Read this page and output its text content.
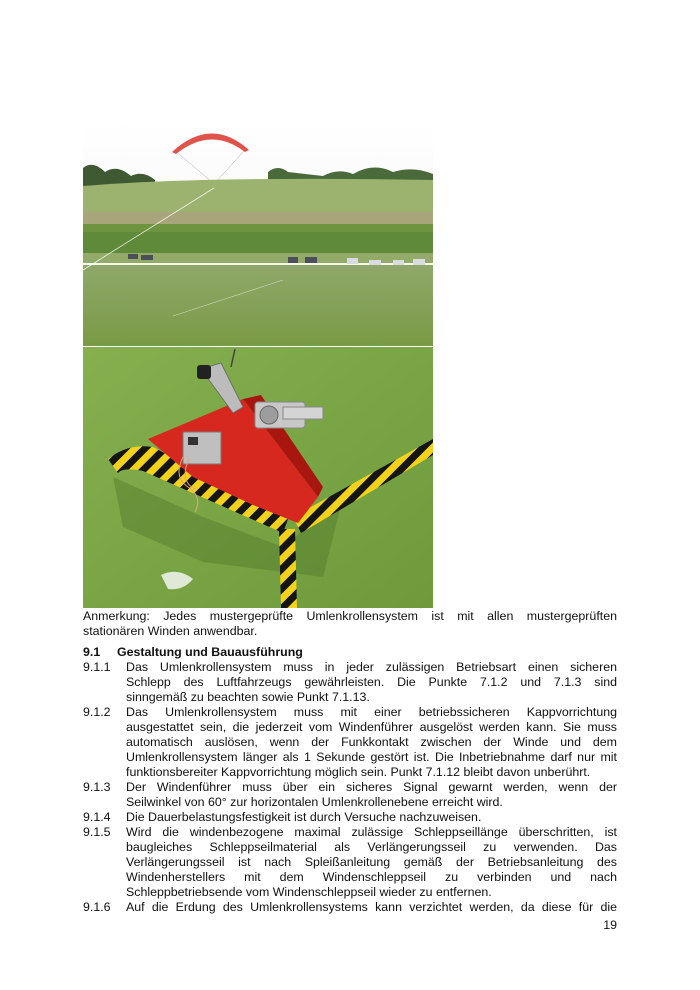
Anmerkung: Jedes mustergeprüfte Umlenkrollensystem ist mit allen mustergeprüften
stationären Winden anwendbar.

9.1	Gestaltung und Bauausführung
9.1.1	Das Umlenkrollensystem muss in jeder zulässigen Betriebsart einen sicheren
Schlepp des Luftfahrzeugs gewährleisten. Die Punkte 7.1.2 und 7.1.3 sind
sinngemäß zu beachten sowie Punkt 7.1.13.
9.1.2	Das Umlenkrollensystem muss mit einer betriebssicheren Kappvorrichtung
ausgestattet sein, die jederzeit vom Windenführer ausgelöst werden kann. Sie muss
automatisch auslösen, wenn der Funkkontakt zwischen der Winde und dem
Umlenkrollensystem länger als 1 Sekunde gestört ist. Die Inbetriebnahme darf nur mit
funktionsbereiter Kappvorrichtung möglich sein. Punkt 7.1.12 bleibt davon unberührt.
9.1.3	Der Windenführer muss über ein sicheres Signal gewarnt werden, wenn der
Seilwinkel von 60° zur horizontalen Umlenkrollenebene erreicht wird.
9.1.4	Die Dauerbelastungsfestigkeit ist durch Versuche nachzuweisen.
9.1.5	Wird die windenbezogene maximal zulässige Schleppseillänge überschritten, ist
baugleiches Schleppseilmaterial als Verlängerungsseil zu verwenden. Das
Verlängerungsseil ist nach Spleißanleitung gemäß der Betriebsanleitung des
Windenherstellers mit dem Windenschleppseil zu verbinden und nach
Schleppbetriebsende vom Windenschleppseil wieder zu entfernen.
9.1.6	Auf die Erdung des Umlenkrollensystems kann verzichtet werden, da diese für die
19
